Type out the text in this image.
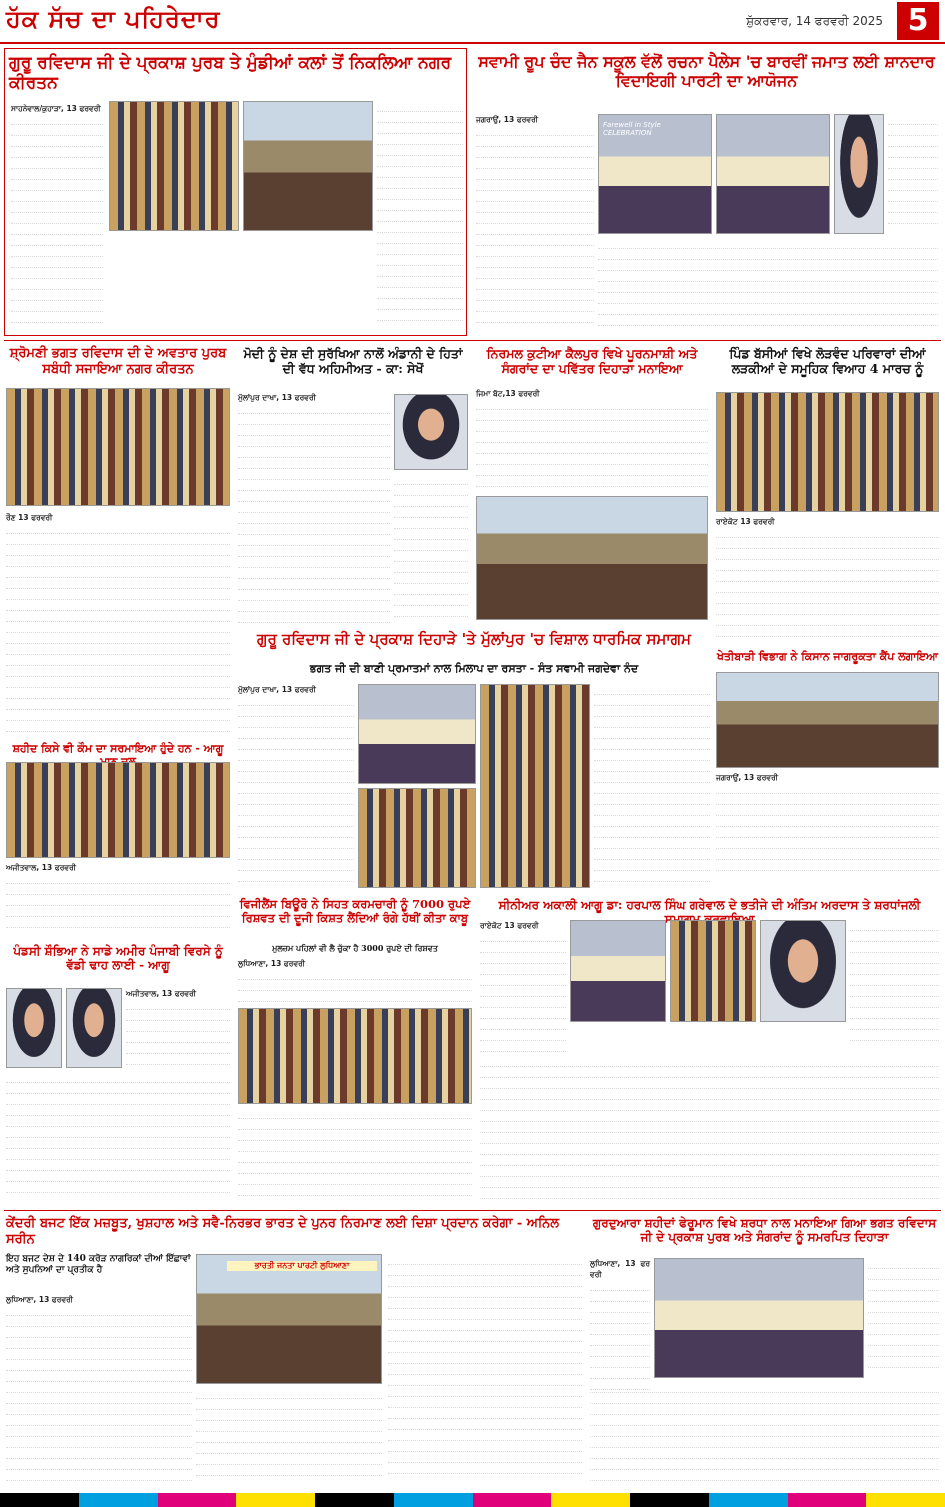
ਹੱਕ ਸੱਚ ਦਾ ਪਹਿਰੇਦਾਰ	ਸ਼ੁੱਕਰਵਾਰ, 14 ਫਰਵਰੀ 2025 5
ਗੁਰੂ ਰਵਿਦਾਸ ਜੀ ਦੇ ਪ੍ਰਕਾਸ਼ ਪੁਰਬ ਤੇ ਮੁੰਡੀਆਂ ਕਲਾਂ ਤੋਂ ਨਿਕਲਿਆ ਨਗਰ ਕੀਰਤਨ
ਸਾਹਨੇਵਾਲ/ਕੁਹਾੜਾ, 13 ਫਰਵਰੀ
ਸਵਾਮੀ ਰੂਪ ਚੰਦ ਜੈਨ ਸਕੂਲ ਵੱਲੋਂ ਰਚਨਾ ਪੈਲੇਸ 'ਚ ਬਾਰਵੀਂ ਜਮਾਤ ਲਈ ਸ਼ਾਨਦਾਰ ਵਿਦਾਇਗੀ ਪਾਰਟੀ ਦਾ ਆਯੋਜਨ
ਜਗਰਾਉਂ, 13 ਫਰਵਰੀ
Farewell in Style CELEBRATION
ਸ਼੍ਰੋਮਣੀ ਭਗਤ ਰਵਿਦਾਸ ਦੀ ਦੇ ਅਵਤਾਰ ਪੁਰਬ ਸਬੰਧੀ ਸਜਾਇਆ ਨਗਰ ਕੀਰਤਨ
ਰੌਣ 13 ਫਰਵਰੀ
ਮੋਦੀ ਨੂੰ ਦੇਸ਼ ਦੀ ਸੁਰੱਖਿਆ ਨਾਲੋਂ ਅੰਡਾਨੀ ਦੇ ਹਿਤਾਂ ਦੀ ਵੱਧ ਅਹਿਮੀਅਤ - ਕਾ: ਸੇਖੋਂ
ਮੁੱਲਾਂਪੁਰ ਦਾਖਾ, 13 ਫਰਵਰੀ
ਨਿਰਮਲ ਕੁਟੀਆ ਕੈਲਪੁਰ ਵਿਖੇ ਪੂਰਨਮਾਸ਼ੀ ਅਤੇ ਸੰਗਰਾਂਦ ਦਾ ਪਵਿੱਤਰ ਦਿਹਾੜਾ ਮਨਾਇਆ
ਜਿਮਾ ਬੱਟ,13 ਫਰਵਰੀ
ਪਿੰਡ ਬੱਸੀਆਂ ਵਿਖੇ ਲੋੜਵੰਦ ਪਰਿਵਾਰਾਂ ਦੀਆਂ ਲੜਕੀਆਂ ਦੇ ਸਮੂਹਿਕ ਵਿਆਹ 4 ਮਾਰਚ ਨੂੰ
ਰਾਏਕੋਟ 13 ਫਰਵਰੀ
ਗੁਰੂ ਰਵਿਦਾਸ ਜੀ ਦੇ ਪ੍ਰਕਾਸ਼ ਦਿਹਾੜੇ 'ਤੇ ਮੁੱਲਾਂਪੁਰ 'ਚ ਵਿਸ਼ਾਲ ਧਾਰਮਿਕ ਸਮਾਗਮ
ਭਗਤ ਜੀ ਦੀ ਬਾਣੀ ਪ੍ਰਮਾਤਮਾਂ ਨਾਲ ਮਿਲਾਪ ਦਾ ਰਸਤਾ - ਸੰਤ ਸਵਾਮੀ ਜਗਦੇਵਾ ਨੰਦ
ਮੁੱਲਾਂਪੁਰ ਦਾਖਾ, 13 ਫਰਵਰੀ
ਖੇਤੀਬਾੜੀ ਵਿਭਾਗ ਨੇ ਕਿਸਾਨ ਜਾਗਰੂਕਤਾ ਕੈਂਪ ਲਗਾਇਆ
ਜਗਰਾਉਂ, 13 ਫਰਵਰੀ
ਸ਼ਹੀਦ ਕਿਸੇ ਵੀ ਕੌਮ ਦਾ ਸਰਮਾਇਆ ਹੁੰਦੇ ਹਨ - ਆਗੂ
ਅਜੀਤਵਾਲ, 13 ਫਰਵਰੀ
ਪੰਡਸੀ ਸ਼ੌਭਿਆ ਨੇ ਸਾਡੇ ਅਮੀਰ ਪੰਜਾਬੀ ਵਿਰਸੇ ਨੂੰ ਵੱਡੀ ਢਾਹ ਲਾਈ - ਆਗੂ
ਅਜੀਤਵਾਲ, 13 ਫਰਵਰੀ
ਵਿਜੀਲੈਂਸ ਬਿਊਰੋ ਨੇ ਸਿਹਤ ਕਰਮਚਾਰੀ ਨੂੰ 7000 ਰੁਪਏ ਰਿਸ਼ਵਤ ਦੀ ਦੂਜੀ ਕਿਸ਼ਤ ਲੈਂਦਿਆਂ ਰੰਗੇ ਹੱਥੀਂ ਕੀਤਾ ਕਾਬੂ
ਮੁਲਜ਼ਮ ਪਹਿਲਾਂ ਵੀ ਲੈ ਚੁੱਕਾ ਹੈ 3000 ਰੁਪਏ ਦੀ ਰਿਸ਼ਵਤ
ਲੁਧਿਆਣਾ, 13 ਫਰਵਰੀ
ਸੀਨੀਅਰ ਅਕਾਲੀ ਆਗੂ ਡਾ: ਹਰਪਾਲ ਸਿੰਘ ਗਰੇਵਾਲ ਦੇ ਭਤੀਜੇ ਦੀ ਅੰਤਿਮ ਅਰਦਾਸ ਤੇ ਸ਼ਰਧਾਂਜਲੀ
ਰਾਏਕੋਟ 13 ਫਰਵਰੀ
ਕੇਂਦਰੀ ਬਜਟ ਇੱਕ ਮਜ਼ਬੂਤ, ਖੁਸ਼ਹਾਲ ਅਤੇ ਸਵੈ-ਨਿਰਭਰ ਭਾਰਤ ਦੇ ਪੁਨਰ ਨਿਰਮਾਣ ਲਈ ਦਿਸ਼ਾ ਪ੍ਰਦਾਨ ਕਰੇਗਾ - ਅਨਿਲ ਸਰੀਨ
ਇਹ ਬਜਟ ਦੇਸ਼ ਦੇ 140 ਕਰੋੜ ਨਾਗਰਿਕਾਂ ਦੀਆਂ ਇੱਛਾਵਾਂ ਅਤੇ ਸੁਪਨਿਆਂ ਦਾ ਪ੍ਰਤੀਕ ਹੈ
ਲੁਧਿਆਣਾ, 13 ਫਰਵਰੀ
ਭਾਰਤੀ ਜਨਤਾ ਪਾਰਟੀ ਲੁਧਿਆਣਾ
ਗੁਰਦੁਆਰਾ ਸ਼ਹੀਦਾਂ ਫੇਰੂਮਾਨ ਵਿਖੇ ਸ਼ਰਧਾ ਨਾਲ ਮਨਾਇਆ ਗਿਆ ਭਗਤ ਰਵਿਦਾਸ ਜੀ ਦੇ ਪ੍ਰਕਾਸ਼ ਪੁਰਬ ਅਤੇ ਸੰਗਰਾਂਦ ਨੂੰ ਸਮਰਪਿਤ ਦਿਹਾੜਾ
ਲੁਧਿਆਣਾ, 13 ਫਰਵਰੀ
